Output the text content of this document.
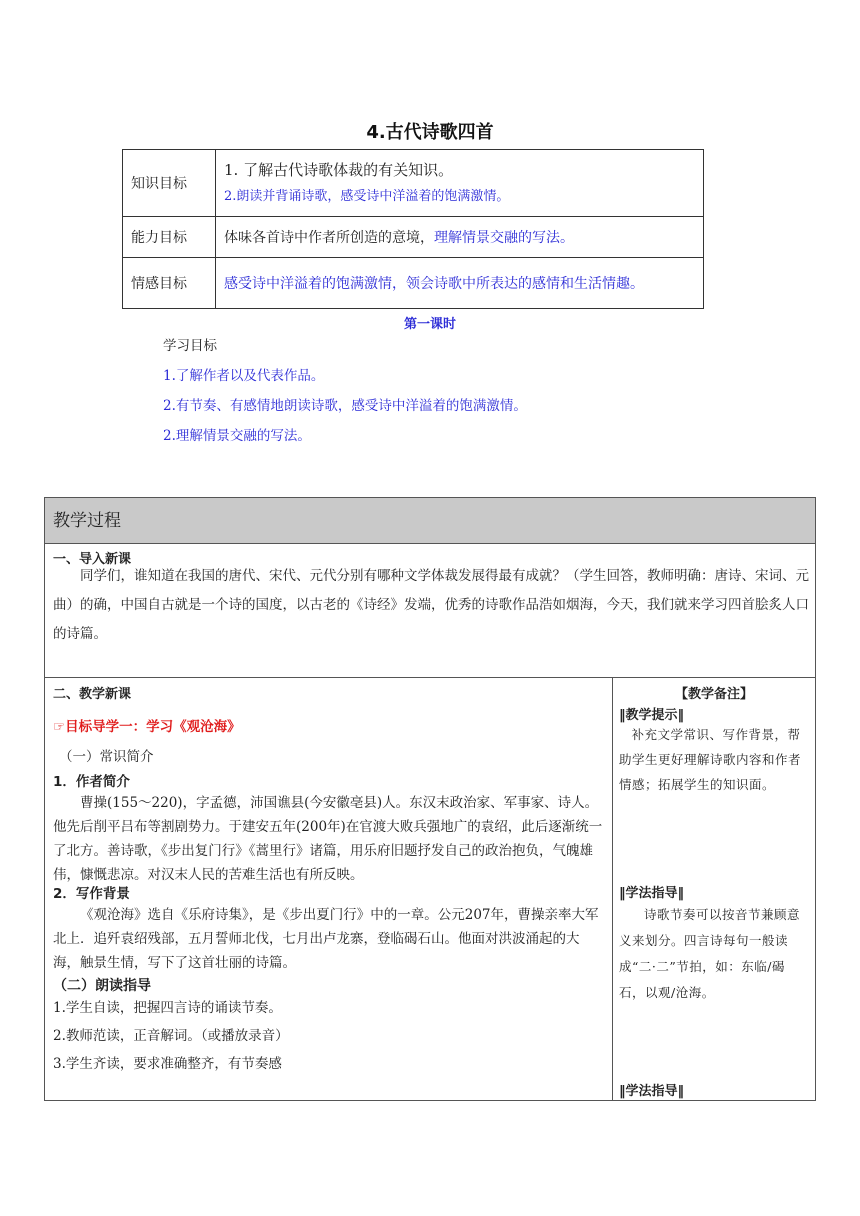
4.古代诗歌四首
知识目标	1. 了解古代诗歌体裁的有关知识。
2.朗读并背诵诗歌，感受诗中洋溢着的饱满激情。

能力目标	体味各首诗中作者所创造的意境，理解情景交融的写法。
情感目标	感受诗中洋溢着的饱满激情，领会诗歌中所表达的感情和生活情趣。
第一课时
学习目标
1.了解作者以及代表作品。
2.有节奏、有感情地朗读诗歌，感受诗中洋溢着的饱满激情。
2.理解情景交融的写法。
教学过程
一、导入新课

同学们，谁知道在我国的唐代、宋代、元代分别有哪种文学体裁发展得最有成就？（学生回答，教师明确：唐诗、宋词、元曲）的确，中国自古就是一个诗的国度，以古老的《诗经》发端，优秀的诗歌作品浩如烟海，今天，我们就来学习四首脍炙人口的诗篇。

二、教学新课
☞目标导学一：学习《观沧海》
（一）常识简介
1．作者简介

曹操(155～220)，字孟德，沛国谯县(今安徽亳县)人。东汉末政治家、军事家、诗人。他先后削平吕布等割剧势力。于建安五年(200年)在官渡大败兵强地广的袁绍，此后逐渐统一了北方。善诗歌，《步出复门行》《蒿里行》诸篇，用乐府旧题抒发自己的政治抱负，气魄雄伟，慷慨悲凉。对汉末人民的苦难生活也有所反映。

2．写作背景

《观沧海》选自《乐府诗集》，是《步出夏门行》中的一章。公元207年，曹操亲率大军北上．追歼袁绍残部，五月誓师北伐，七月出卢龙寨，登临碣石山。他面对洪波涌起的大海，触景生情，写下了这首壮丽的诗篇。

（二）朗读指导
1.学生自读，把握四言诗的诵读节奏。
2.教师范读，正音解词。（或播放录音）
3.学生齐读，要求准确整齐，有节奏感
【教学备注】
‖教学提示‖

补充文学常识、写作背景，帮助学生更好理解诗歌内容和作者情感；拓展学生的知识面。

‖学法指导‖

诗歌节奏可以按音节兼顾意义来划分。四言诗每句一般读成“二·二”节拍，如：东临/碣石，以观/沧海。

‖学法指导‖
